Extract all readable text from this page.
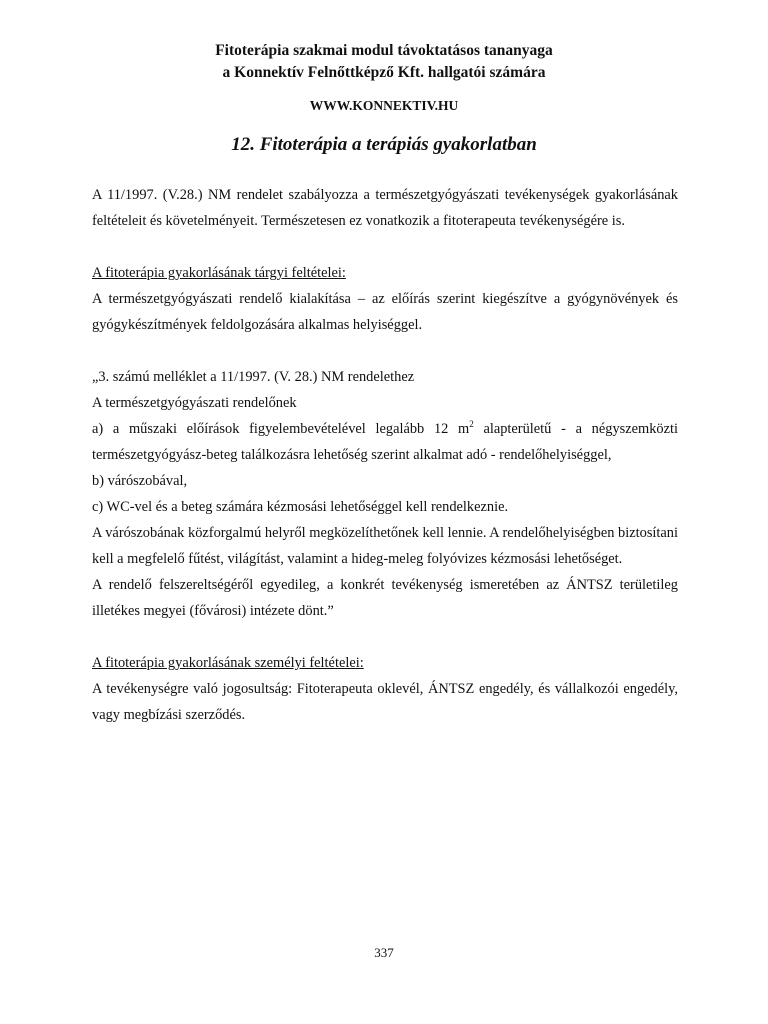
Fitoterápia szakmai modul távoktatásos tananyaga
a Konnektív Felnőttképző Kft. hallgatói számára
WWW.KONNEKTIV.HU
12. Fitoterápia a terápiás gyakorlatban

A 11/1997. (V.28.) NM rendelet szabályozza a természetgyógyászati tevékenységek gyakorlásának feltételeit és követelményeit. Természetesen ez vonatkozik a fitoterapeuta tevékenységére is.

A fitoterápia gyakorlásának tárgyi feltételei:

A természetgyógyászati rendelő kialakítása – az előírás szerint kiegészítve a gyógynövények és gyógykészítmények feldolgozására alkalmas helyiséggel.

„3. számú melléklet a 11/1997. (V. 28.) NM rendelethez

A természetgyógyászati rendelőnek

a) a műszaki előírások figyelembevételével legalább 12 $m^2$ alapterületű - a négyszemközti természetgyógyász-beteg találkozásra lehetőség szerint alkalmat adó - rendelőhelyiséggel,

b) várószobával,

c) WC-vel és a beteg számára kézmosási lehetőséggel kell rendelkeznie.

A várószobának közforgalmú helyről megközelíthetőnek kell lennie. A rendelőhelyiségben biztosítani kell a megfelelő fűtést, világítást, valamint a hideg-meleg folyóvizes kézmosási lehetőséget.

A rendelő felszereltségéről egyedileg, a konkrét tevékenység ismeretében az ÁNTSZ területileg illetékes megyei (fővárosi) intézete dönt.”

A fitoterápia gyakorlásának személyi feltételei:

A tevékenységre való jogosultság: Fitoterapeuta oklevél, ÁNTSZ engedély, és vállalkozói engedély, vagy megbízási szerződés.

337
